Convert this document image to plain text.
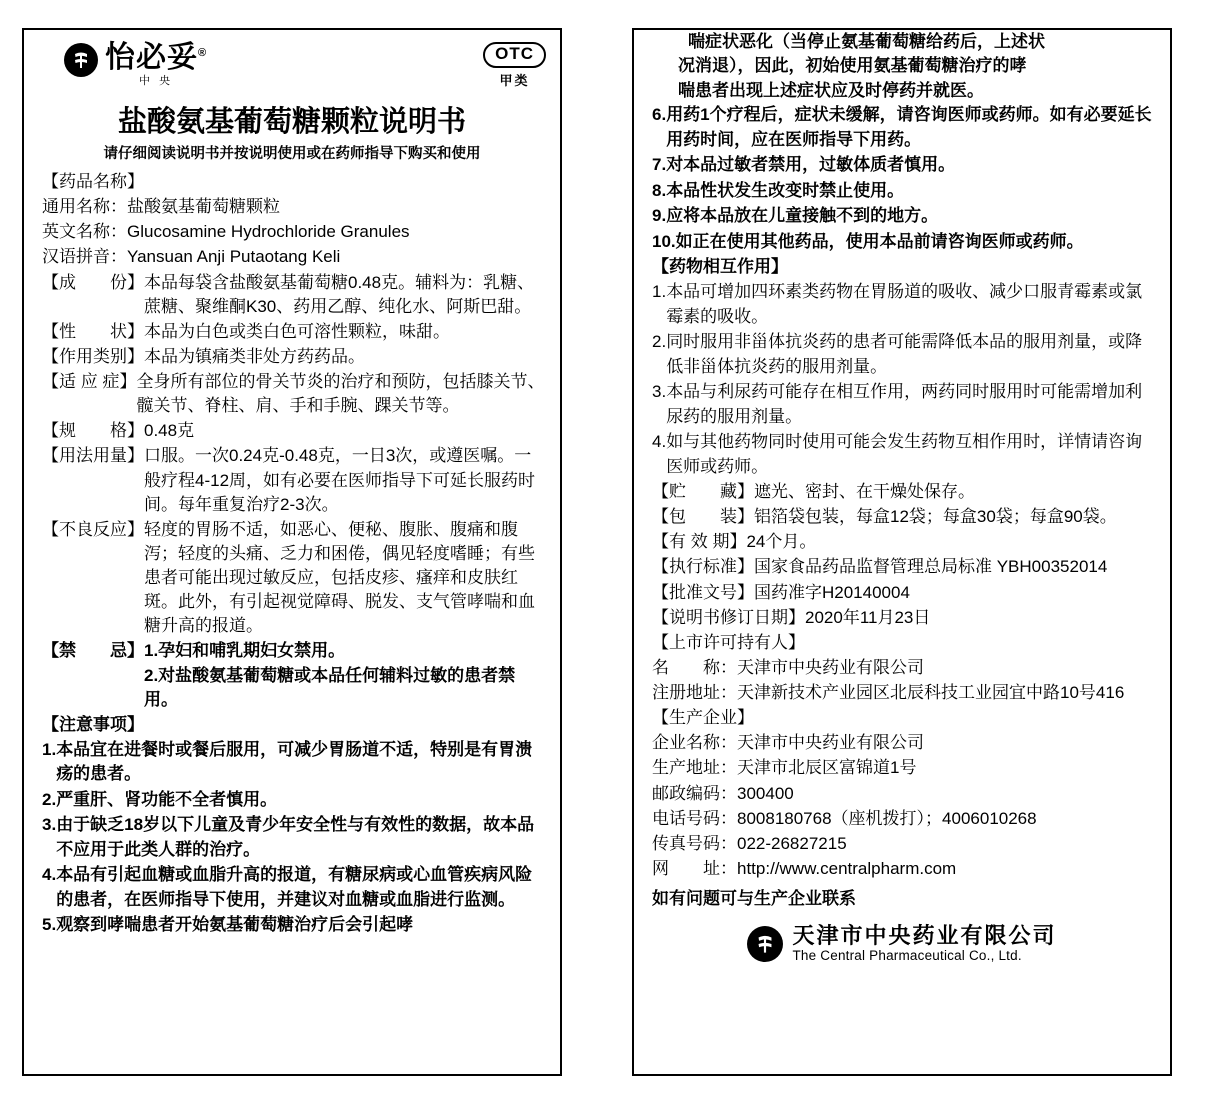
怡必妥®
中 央
OTC
甲类
盐酸氨基葡萄糖颗粒说明书
请仔细阅读说明书并按说明使用或在药师指导下购买和使用
【药品名称】
通用名称： 盐酸氨基葡萄糖颗粒
英文名称： Glucosamine Hydrochloride Granules
汉语拼音： Yansuan Anji Putaotang Keli
【成　　份】 本品每袋含盐酸氨基葡萄糖0.48克。辅料为：乳糖、蔗糖、聚维酮K30、药用乙醇、纯化水、阿斯巴甜。
【性　　状】 本品为白色或类白色可溶性颗粒，味甜。
【作用类别】 本品为镇痛类非处方药药品。
【适 应 症】 全身所有部位的骨关节炎的治疗和预防，包括膝关节、髋关节、脊柱、肩、手和手腕、踝关节等。
【规　　格】 0.48克
【用法用量】 口服。一次0.24克-0.48克，一日3次，或遵医嘱。一般疗程4-12周，如有必要在医师指导下可延长服药时间。每年重复治疗2-3次。
【不良反应】 轻度的胃肠不适，如恶心、便秘、腹胀、腹痛和腹泻；轻度的头痛、乏力和困倦，偶见轻度嗜睡；有些患者可能出现过敏反应，包括皮疹、瘙痒和皮肤红斑。此外，有引起视觉障碍、脱发、支气管哮喘和血糖升高的报道。
【禁　　忌】 1.孕妇和哺乳期妇女禁用。
2.对盐酸氨基葡萄糖或本品任何辅料过敏的患者禁用。
【注意事项】
1. 本品宜在进餐时或餐后服用，可减少胃肠道不适，特别是有胃溃疡的患者。
2. 严重肝、肾功能不全者慎用。
3. 由于缺乏18岁以下儿童及青少年安全性与有效性的数据，故本品不应用于此类人群的治疗。
4. 本品有引起血糖或血脂升高的报道，有糖尿病或心血管疾病风险的患者，在医师指导下使用，并建议对血糖或血脂进行监测。
5. 观察到哮喘患者开始氨基葡萄糖治疗后会引起哮
喘症状恶化（当停止氨基葡萄糖给药后，上述状
况消退），因此，初始使用氨基葡萄糖治疗的哮
喘患者出现上述症状应及时停药并就医。
6. 用药1个疗程后，症状未缓解，请咨询医师或药师。如有必要延长用药时间，应在医师指导下用药。
7. 对本品过敏者禁用，过敏体质者慎用。
8. 本品性状发生改变时禁止使用。
9. 应将本品放在儿童接触不到的地方。
10. 如正在使用其他药品，使用本品前请咨询医师或药师。
【药物相互作用】
1. 本品可增加四环素类药物在胃肠道的吸收、减少口服青霉素或氯霉素的吸收。
2. 同时服用非甾体抗炎药的患者可能需降低本品的服用剂量，或降低非甾体抗炎药的服用剂量。
3. 本品与利尿药可能存在相互作用，两药同时服用时可能需增加利尿药的服用剂量。
4. 如与其他药物同时使用可能会发生药物互相作用时，详情请咨询医师或药师。
【贮　　藏】 遮光、密封、在干燥处保存。
【包　　装】 铝箔袋包装，每盒12袋；每盒30袋；每盒90袋。
【有 效 期】 24个月。
【执行标准】 国家食品药品监督管理总局标准 YBH00352014
【批准文号】 国药准字H20140004
【说明书修订日期】 2020年11月23日
【上市许可持有人】
名　　称： 天津市中央药业有限公司
注册地址： 天津新技术产业园区北辰科技工业园宜中路10号416
【生产企业】
企业名称： 天津市中央药业有限公司
生产地址： 天津市北辰区富锦道1号
邮政编码： 300400
电话号码： 8008180768（座机拨打）；4006010268
传真号码： 022-26827215
网　　址： http://www.centralpharm.com
如有问题可与生产企业联系
天津市中央药业有限公司
The Central Pharmaceutical Co., Ltd.
